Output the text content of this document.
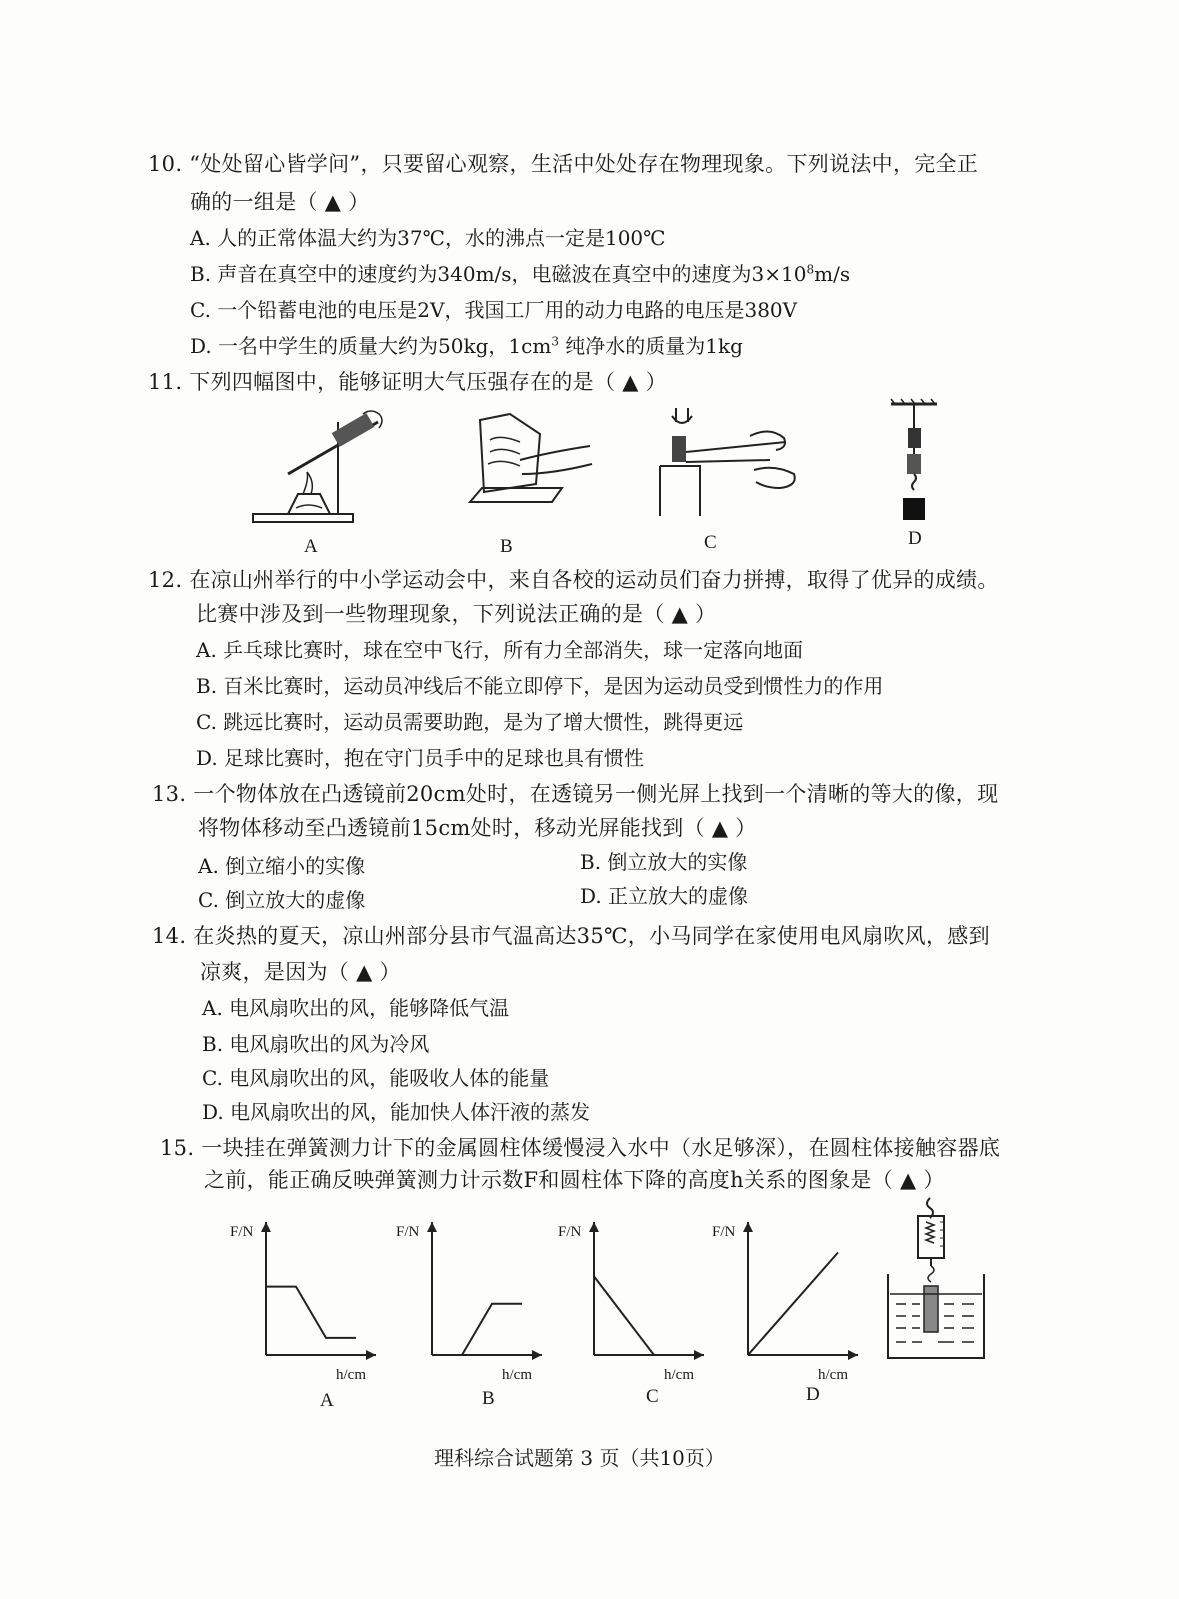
10. “处处留心皆学问”，只要留心观察，生活中处处存在物理现象。下列说法中，完全正
确的一组是（ ▲ ）
A. 人的正常体温大约为37℃，水的沸点一定是100℃
B. 声音在真空中的速度约为340m/s，电磁波在真空中的速度为$3\times 10^8m/s$
C. 一个铅蓄电池的电压是2V，我国工厂用的动力电路的电压是380V
D. 一名中学生的质量大约为50kg，$1cm^3$ 纯净水的质量为1kg
11. 下列四幅图中，能够证明大气压强存在的是（ ▲ ）
A	B	C	D
12. 在凉山州举行的中小学运动会中，来自各校的运动员们奋力拼搏，取得了优异的成绩。
比赛中涉及到一些物理现象，下列说法正确的是（ ▲ ）
A. 乒乓球比赛时，球在空中飞行，所有力全部消失，球一定落向地面
B. 百米比赛时，运动员冲线后不能立即停下，是因为运动员受到惯性力的作用
C. 跳远比赛时，运动员需要助跑，是为了增大惯性，跳得更远
D. 足球比赛时，抱在守门员手中的足球也具有惯性
13. 一个物体放在凸透镜前20cm处时，在透镜另一侧光屏上找到一个清晰的等大的像，现
将物体移动至凸透镜前15cm处时，移动光屏能找到（ ▲ ）
A. 倒立缩小的实像	B. 倒立放大的实像
C. 倒立放大的虚像	D. 正立放大的虚像
14. 在炎热的夏天，凉山州部分县市气温高达35℃，小马同学在家使用电风扇吹风，感到
凉爽，是因为（ ▲ ）
A. 电风扇吹出的风，能够降低气温
B. 电风扇吹出的风为冷风
C. 电风扇吹出的风，能吸收人体的能量
D. 电风扇吹出的风，能加快人体汗液的蒸发
15. 一块挂在弹簧测力计下的金属圆柱体缓慢浸入水中（水足够深），在圆柱体接触容器底
之前，能正确反映弹簧测力计示数F和圆柱体下降的高度h关系的图象是（ ▲ ）
F/N
h/cm
F/N
h/cm
F/N
h/cm
F/N
h/cm
A	B	C	D
理科综合试题第 3 页（共10页）
